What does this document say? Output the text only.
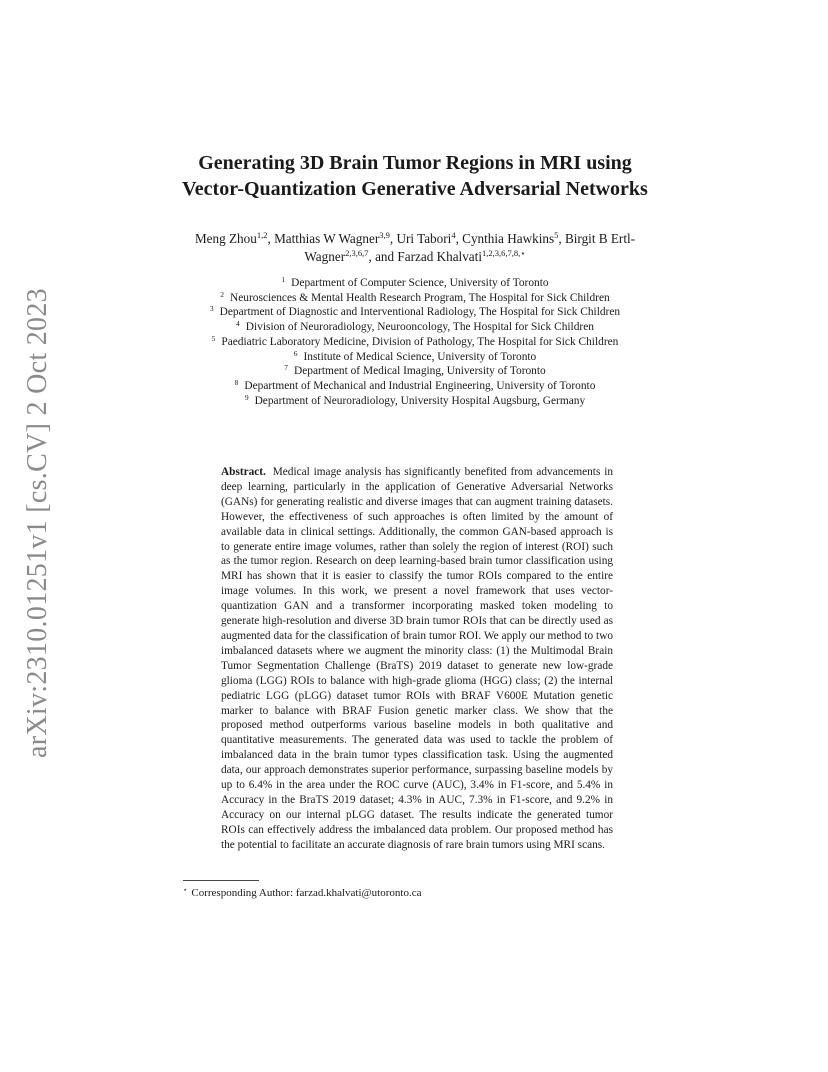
arXiv:2310.01251v1 [cs.CV] 2 Oct 2023
Generating 3D Brain Tumor Regions in MRI using
Vector-Quantization Generative Adversarial Networks
Meng Zhou$^{1,2}$, Matthias W Wagner$^{3,9}$, Uri Tabori$^4$, Cynthia Hawkins$^5$, Birgit B Ertl-Wagner$^{2,3,6,7}$, and Farzad Khalvati$^{1,2,3,6,7,8,⋆}$
$^1$ Department of Computer Science, University of Toronto
$^2$ Neurosciences & Mental Health Research Program, The Hospital for Sick Children
$^3$ Department of Diagnostic and Interventional Radiology, The Hospital for Sick Children
$^4$ Division of Neuroradiology, Neurooncology, The Hospital for Sick Children
$^5$ Paediatric Laboratory Medicine, Division of Pathology, The Hospital for Sick Children
$^6$ Institute of Medical Science, University of Toronto
$^7$ Department of Medical Imaging, University of Toronto
$^8$ Department of Mechanical and Industrial Engineering, University of Toronto
$^9$ Department of Neuroradiology, University Hospital Augsburg, Germany
Abstract. Medical image analysis has significantly benefited from advancements in deep learning, particularly in the application of Generative Adversarial Networks (GANs) for generating realistic and diverse images that can augment training datasets. However, the effectiveness of such approaches is often limited by the amount of available data in clinical settings. Additionally, the common GAN-based approach is to generate entire image volumes, rather than solely the region of interest (ROI) such as the tumor region. Research on deep learning-based brain tumor classification using MRI has shown that it is easier to classify the tumor ROIs compared to the entire image volumes. In this work, we present a novel framework that uses vector-quantization GAN and a transformer incorporating masked token modeling to generate high-resolution and diverse 3D brain tumor ROIs that can be directly used as augmented data for the classification of brain tumor ROI. We apply our method to two imbalanced datasets where we augment the minority class: (1) the Multimodal Brain Tumor Segmentation Challenge (BraTS) 2019 dataset to generate new low-grade glioma (LGG) ROIs to balance with high-grade glioma (HGG) class; (2) the internal pediatric LGG (pLGG) dataset tumor ROIs with BRAF V600E Mutation genetic marker to balance with BRAF Fusion genetic marker class. We show that the proposed method outperforms various baseline models in both qualitative and quantitative measurements. The generated data was used to tackle the problem of imbalanced data in the brain tumor types classification task. Using the augmented data, our approach demonstrates superior performance, surpassing baseline models by up to 6.4% in the area under the ROC curve (AUC), 3.4% in F1-score, and 5.4% in Accuracy in the BraTS 2019 dataset; 4.3% in AUC, 7.3% in F1-score, and 9.2% in Accuracy on our internal pLGG dataset. The results indicate the generated tumor ROIs can effectively address the imbalanced data problem. Our proposed method has the potential to facilitate an accurate diagnosis of rare brain tumors using MRI scans.
⋆ Corresponding Author: farzad.khalvati@utoronto.ca
